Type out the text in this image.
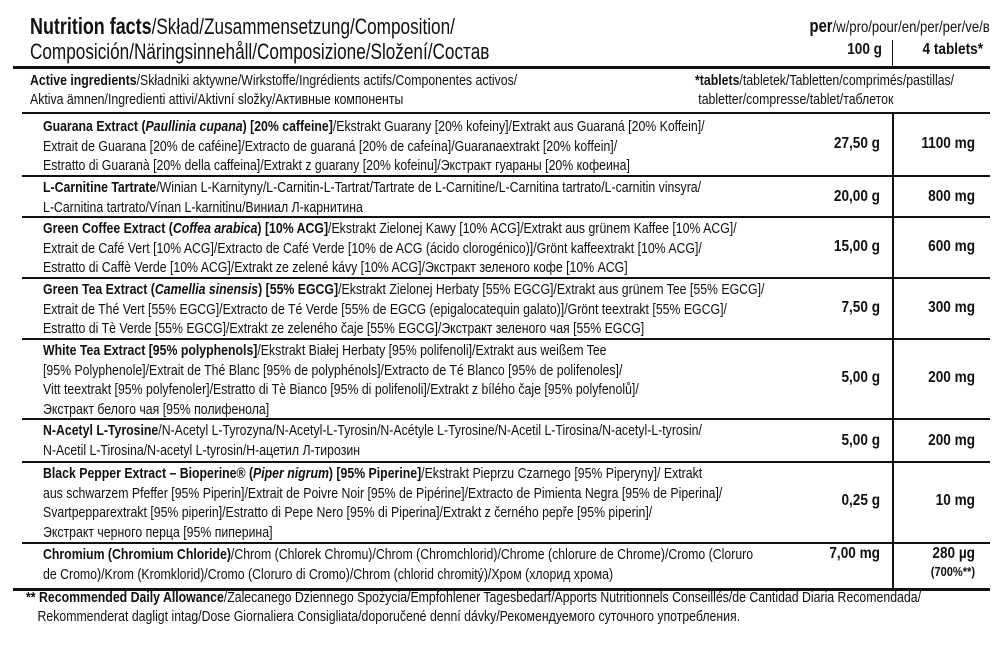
Nutrition facts/Skład/Zusammensetzung/Composition/
Composición/Näringsinnehåll/Composizione/Složení/Состав
per/w/pro/pour/en/per/per/ve/в
100 g	4 tablets*
Active ingredients/Składniki aktywne/Wirkstoffe/Ingrédients actifs/Componentes activos/
Aktiva ämnen/Ingredienti attivi/Aktivní složky/Активные компоненты
*tablets/tabletek/Tabletten/comprimés/pastillas/
tabletter/compresse/tablet/таблеток
Guarana Extract (Paullinia cupana) [20% caffeine]/Ekstrakt Guarany [20% kofeiny]/Extrakt aus Guaraná [20% Koffein]/
Extrait de Guarana [20% de caféine]/Extracto de guaraná [20% de cafeína]/Guaranaextrakt [20% koffein]/
Estratto di Guaranà [20% della caffeina]/Extrakt z guarany [20% kofeinu]/Экстракт гуараны [20% кофеина]
27,50 g	1100 mg
L-Carnitine Tartrate/Winian L-Karnityny/L-Carnitin-L-Tartrat/Tartrate de L-Carnitine/L-Carnitina tartrato/L-carnitin vinsyra/
L-Carnitina tartrato/Vínan L-karnitinu/Виниал Л-карнитина
20,00 g	800 mg
Green Coffee Extract (Coffea arabica) [10% ACG]/Ekstrakt Zielonej Kawy [10% ACG]/Extrakt aus grünem Kaffee [10% ACG]/
Extrait de Café Vert [10% ACG]/Extracto de Café Verde [10% de ACG (ácido clorogénico)]/Grönt kaffeextrakt [10% ACG]/
Estratto di Caffè Verde [10% ACG]/Extrakt ze zelené kávy [10% ACG]/Экстракт зеленого кофе [10% ACG]
15,00 g	600 mg
Green Tea Extract (Camellia sinensis) [55% EGCG]/Ekstrakt Zielonej Herbaty [55% EGCG]/Extrakt aus grünem Tee [55% EGCG]/
Extrait de Thé Vert [55% EGCG]/Extracto de Té Verde [55% de EGCG (epigalocatequin galato)]/Grönt teextrakt [55% EGCG]/
Estratto di Tè Verde [55% EGCG]/Extrakt ze zeleného čaje [55% EGCG]/Экстракт зеленого чая [55% EGCG]
7,50 g	300 mg
White Tea Extract [95% polyphenols]/Ekstrakt Białej Herbaty [95% polifenoli]/Extrakt aus weißem Tee
[95% Polyphenole]/Extrait de Thé Blanc [95% de polyphénols]/Extracto de Té Blanco [95% de polifenoles]/
Vitt teextrakt [95% polyfenoler]/Estratto di Tè Bianco [95% di polifenoli]/Extrakt z bílého čaje [95% polyfenolů]/
Экстракт белого чая [95% полифенола]
5,00 g	200 mg
N-Acetyl L-Tyrosine/N-Acetyl L-Tyrozyna/N-Acetyl-L-Tyrosin/N-Acétyle L-Tyrosine/N-Acetil L-Tirosina/N-acetyl-L-tyrosin/
N-Acetil L-Tirosina/N-acetyl L-tyrosin/Н-ацетил Л-тирозин
5,00 g	200 mg
Black Pepper Extract – Bioperine® (Piper nigrum) [95% Piperine]/Ekstrakt Pieprzu Czarnego [95% Piperyny]/ Extrakt
aus schwarzem Pfeffer [95% Piperin]/Extrait de Poivre Noir [95% de Pipérine]/Extracto de Pimienta Negra [95% de Piperina]/
Svartpepparextrakt [95% piperin]/Estratto di Pepe Nero [95% di Piperina]/Extrakt z černého pepře [95% piperin]/
Экстракт черного перца [95% пиперина]
0,25 g	10 mg
Chromium (Chromium Chloride)/Chrom (Chlorek Chromu)/Chrom (Chromchlorid)/Chrome (chlorure de Chrome)/Cromo (Cloruro
de Cromo)/Krom (Kromklorid)/Cromo (Cloruro di Cromo)/Chrom (chlorid chromitý)/Хром (хлорид хрома)
7,00 mg	280 µg
(700%**)
** Recommended Daily Allowance/Zalecanego Dziennego Spożycia/Empfohlener Tagesbedarf/Apports Nutritionnels Conseillés/de Cantidad Diaria Recomendada/
Rekommenderat dagligt intag/Dose Giornaliera Consigliata/doporučené denní dávky/Рекомендуемого суточного употребления.
